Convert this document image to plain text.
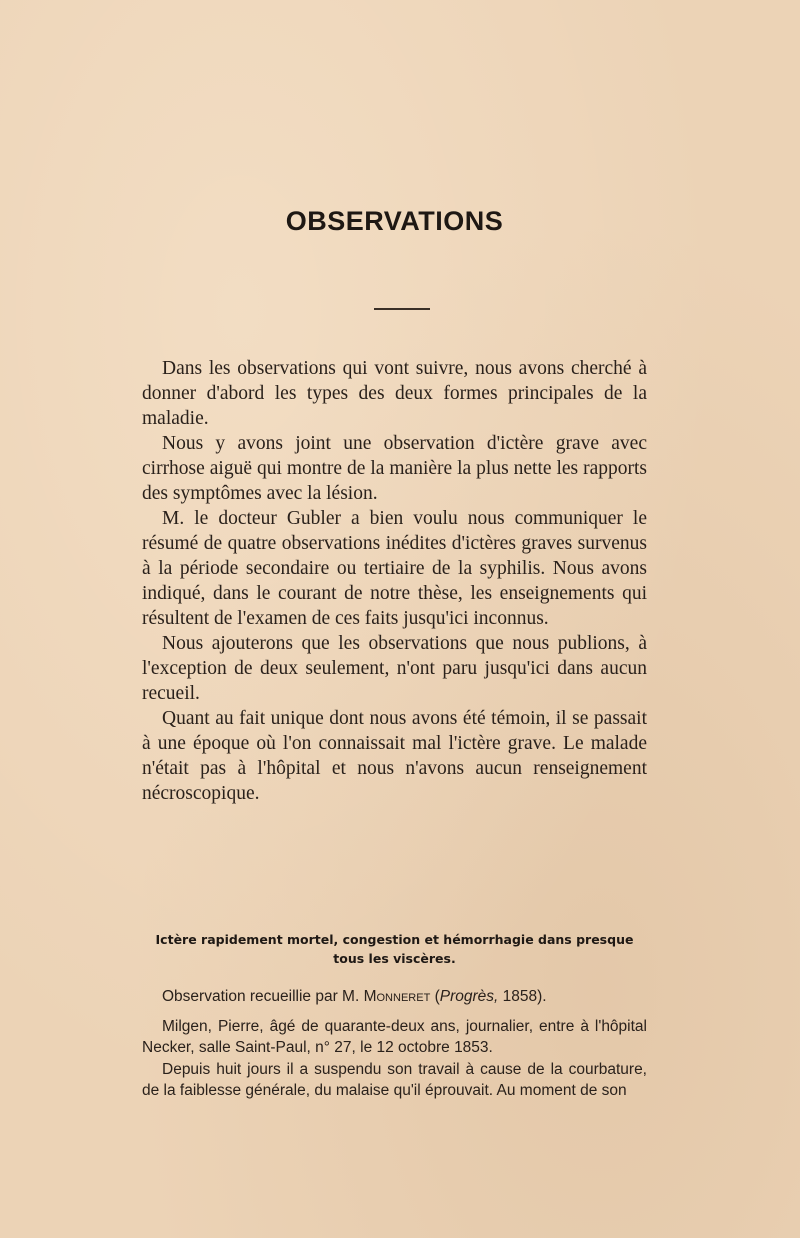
OBSERVATIONS

Dans les observations qui vont suivre, nous avons cherché à donner d'abord les types des deux formes principales de la maladie.

Nous y avons joint une observation d'ictère grave avec cirrhose aiguë qui montre de la manière la plus nette les rapports des symptômes avec la lésion.

M. le docteur Gubler a bien voulu nous communiquer le résumé de quatre observations inédites d'ictères graves survenus à la période secondaire ou tertiaire de la syphilis. Nous avons indiqué, dans le courant de notre thèse, les enseignements qui résultent de l'examen de ces faits jusqu'ici inconnus.

Nous ajouterons que les observations que nous publions, à l'exception de deux seulement, n'ont paru jusqu'ici dans aucun recueil.

Quant au fait unique dont nous avons été témoin, il se passait à une époque où l'on connaissait mal l'ictère grave. Le malade n'était pas à l'hôpital et nous n'avons aucun renseignement nécroscopique.

Ictère rapidement mortel, congestion et hémorrhagie dans presque
tous les viscères.

Observation recueillie par M. Monneret (Progrès, 1858).

Milgen, Pierre, âgé de quarante-deux ans, journalier, entre à l'hôpital Necker, salle Saint-Paul, n° 27, le 12 octobre 1853.

Depuis huit jours il a suspendu son travail à cause de la courbature, de la faiblesse générale, du malaise qu'il éprouvait. Au moment de son
